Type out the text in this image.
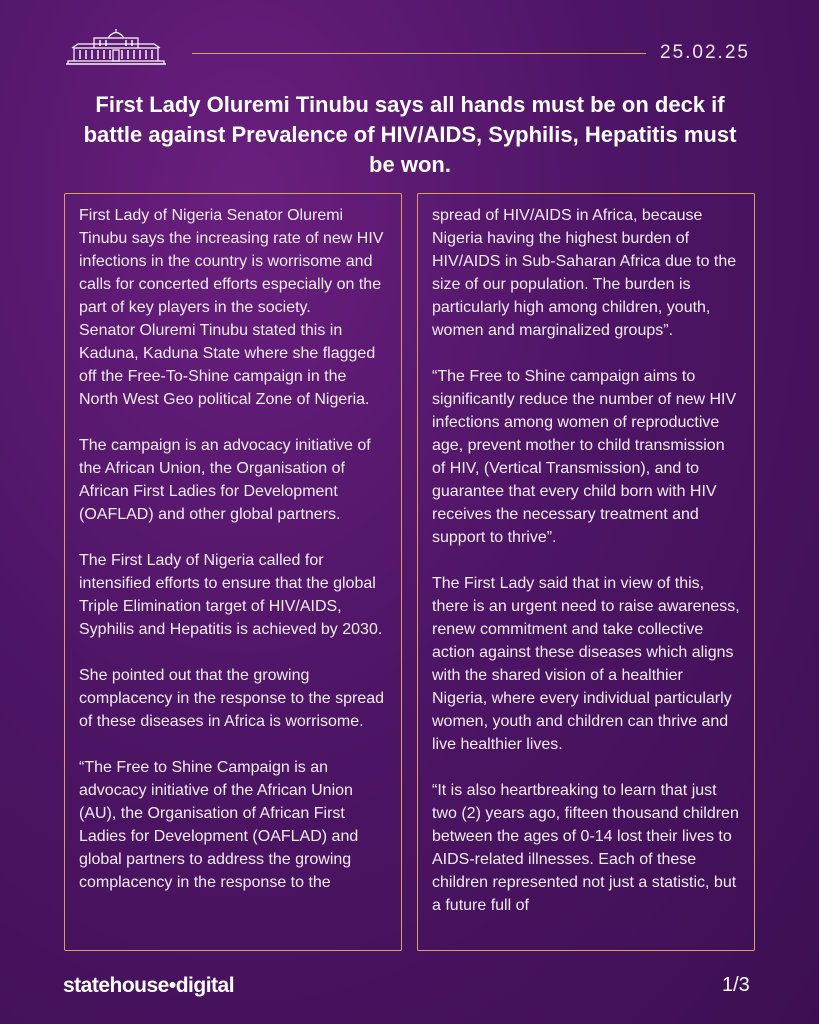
25.02.25
First Lady Oluremi Tinubu says all hands must be on deck if battle against Prevalence of HIV/AIDS, Syphilis, Hepatitis must be won.

First Lady of Nigeria Senator Oluremi Tinubu says the increasing rate of new HIV infections in the country is worrisome and calls for concerted efforts especially on the part of key players in the society.

Senator Oluremi Tinubu stated this in Kaduna, Kaduna State where she flagged off the Free-To-Shine campaign in the North West Geo political Zone of Nigeria.

The campaign is an advocacy initiative of the African Union, the Organisation of African First Ladies for Development (OAFLAD) and other global partners.

The First Lady of Nigeria called for intensified efforts to ensure that the global Triple Elimination target of HIV/AIDS, Syphilis and Hepatitis is achieved by 2030.

She pointed out that the growing complacency in the response to the spread of these diseases in Africa is worrisome.

“The Free to Shine Campaign is an advocacy initiative of the African Union (AU), the Organisation of African First Ladies for Development (OAFLAD) and global partners to address the growing complacency in the response to the

spread of HIV/AIDS in Africa, because Nigeria having the highest burden of HIV/AIDS in Sub-Saharan Africa due to the size of our population. The burden is particularly high among children, youth, women and marginalized groups”.

“The Free to Shine campaign aims to significantly reduce the number of new HIV infections among women of reproductive age, prevent mother to child transmission of HIV, (Vertical Transmission), and to guarantee that every child born with HIV receives the necessary treatment and support to thrive”.

The First Lady said that in view of this, there is an urgent need to raise awareness, renew commitment and take collective action against these diseases which aligns with the shared vision of a healthier Nigeria, where every individual particularly women, youth and children can thrive and live healthier lives.

“It is also heartbreaking to learn that just two (2) years ago, fifteen thousand children between the ages of 0-14 lost their lives to AIDS-related illnesses. Each of these children represented not just a statistic, but a future full of

statehouse•digital	1/3
